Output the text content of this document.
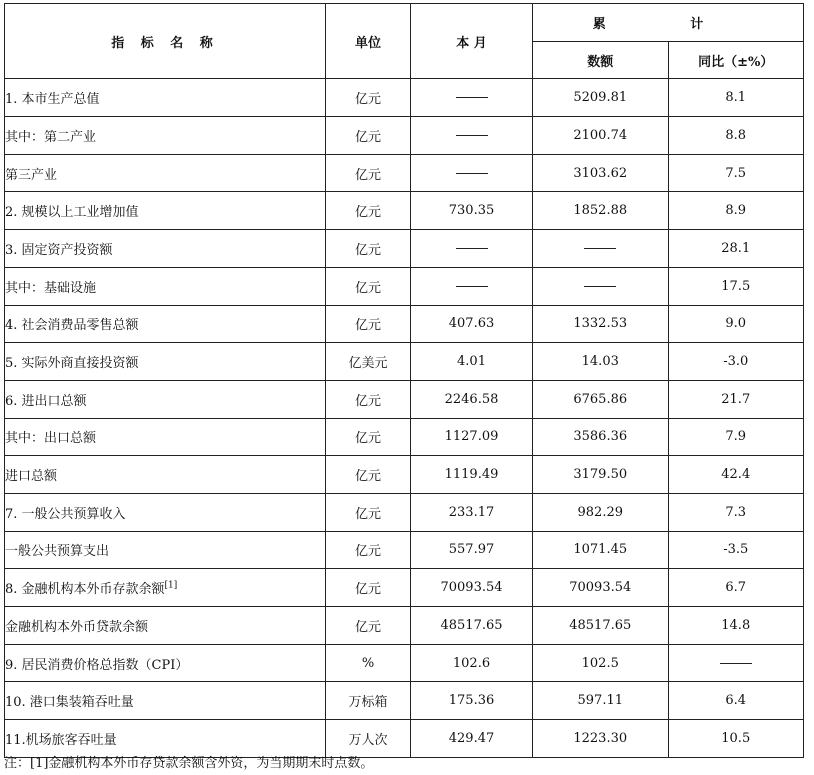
指 标 名 称	单位	本 月	累 计	
			数额	同比（±%）
1. 本市生产总值	亿元		5209.81	8.1
其中：第二产业	亿元		2100.74	8.8
第三产业	亿元		3103.62	7.5
2. 规模以上工业增加值	亿元	730.35	1852.88	8.9
3. 固定资产投资额	亿元			28.1
其中：基础设施	亿元			17.5
4. 社会消费品零售总额	亿元	407.63	1332.53	9.0
5. 实际外商直接投资额	亿美元	4.01	14.03	-3.0
6. 进出口总额	亿元	2246.58	6765.86	21.7
其中：出口总额	亿元	1127.09	3586.36	7.9
进口总额	亿元	1119.49	3179.50	42.4
7. 一般公共预算收入	亿元	233.17	982.29	7.3
一般公共预算支出	亿元	557.97	1071.45	-3.5
8. 金融机构本外币存款余额[1]	亿元	70093.54	70093.54	6.7
金融机构本外币贷款余额	亿元	48517.65	48517.65	14.8
9. 居民消费价格总指数（CPI）	%	102.6	102.5	
10. 港口集装箱吞吐量	万标箱	175.36	597.11	6.4
11.机场旅客吞吐量	万人次	429.47	1223.30	10.5
注：[1]金融机构本外币存贷款余额含外资，为当期期末时点数。
